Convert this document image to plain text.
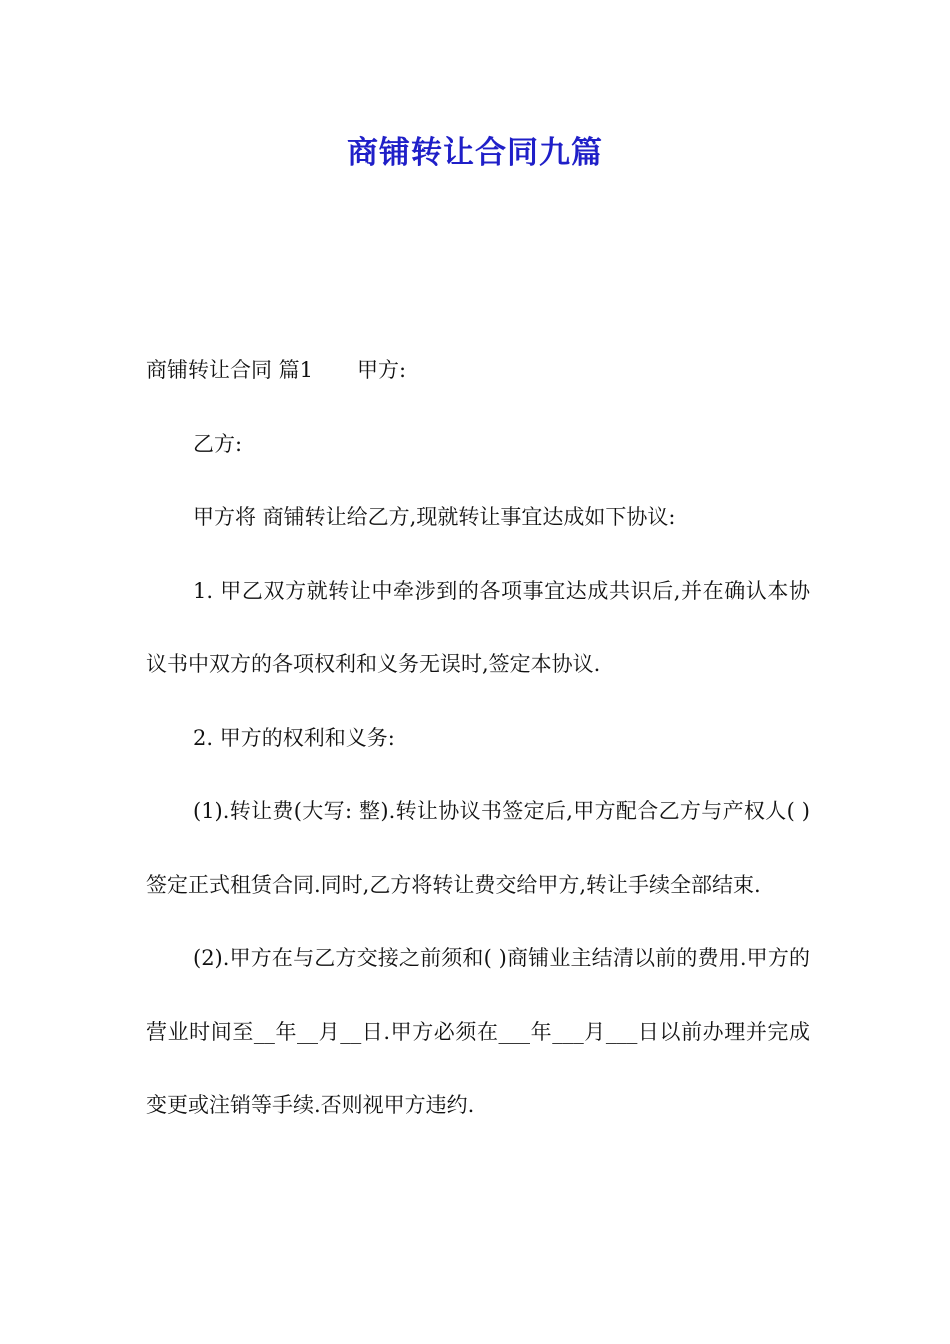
商铺转让合同九篇

商铺转让合同 篇1 甲方:

乙方:

甲方将 商铺转让给乙方,现就转让事宜达成如下协议:

1. 甲乙双方就转让中牵涉到的各项事宜达成共识后,并在确认本协议书中双方的各项权利和义务无误时,签定本协议.

2. 甲方的权利和义务:

(1).转让费(大写: 整).转让协议书签定后,甲方配合乙方与产权人( )签定正式租赁合同.同时,乙方将转让费交给甲方,转让手续全部结束.

(2).甲方在与乙方交接之前须和( )商铺业主结清以前的费用.甲方的营业时间至__年__月__日.甲方必须在___年___月___日以前办理并完成变更或注销等手续.否则视甲方违约.
